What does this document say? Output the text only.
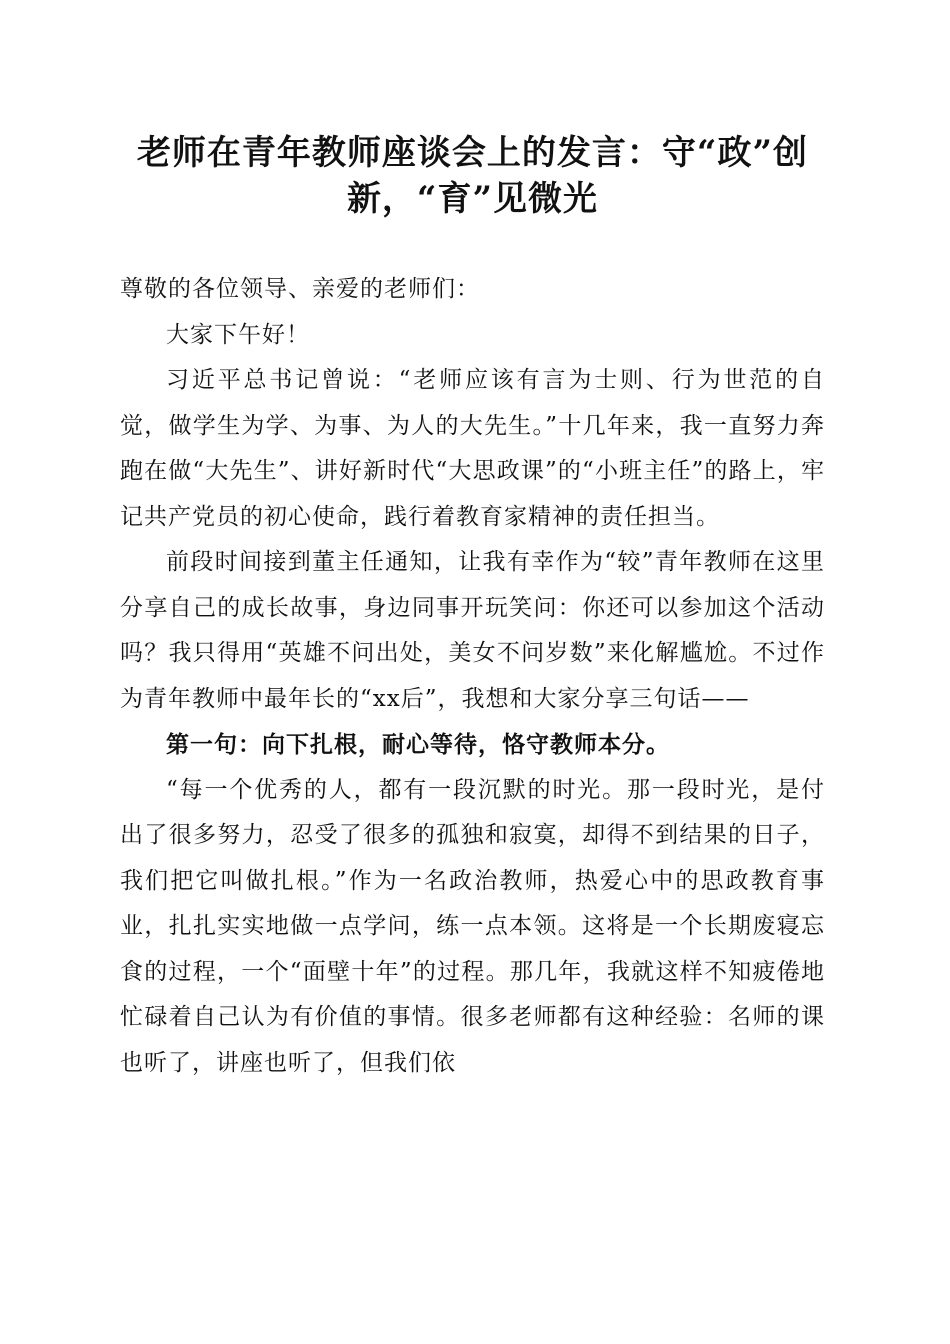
老师在青年教师座谈会上的发言：守“政”创新，“育”见微光

尊敬的各位领导、亲爱的老师们：

大家下午好！

习近平总书记曾说：“老师应该有言为士则、行为世范的自觉，做学生为学、为事、为人的大先生。”十几年来，我一直努力奔跑在做“大先生”、讲好新时代“大思政课”的“小班主任”的路上，牢记共产党员的初心使命，践行着教育家精神的责任担当。

前段时间接到董主任通知，让我有幸作为“较”青年教师在这里分享自己的成长故事，身边同事开玩笑问：你还可以参加这个活动吗？我只得用“英雄不问出处，美女不问岁数”来化解尴尬。不过作为青年教师中最年长的“xx后”，我想和大家分享三句话——

第一句：向下扎根，耐心等待，恪守教师本分。

“每一个优秀的人，都有一段沉默的时光。那一段时光，是付出了很多努力，忍受了很多的孤独和寂寞，却得不到结果的日子，我们把它叫做扎根。”作为一名政治教师，热爱心中的思政教育事业，扎扎实实地做一点学问，练一点本领。这将是一个长期废寝忘食的过程，一个“面壁十年”的过程。那几年，我就这样不知疲倦地忙碌着自己认为有价值的事情。很多老师都有这种经验：名师的课也听了，讲座也听了，但我们依
